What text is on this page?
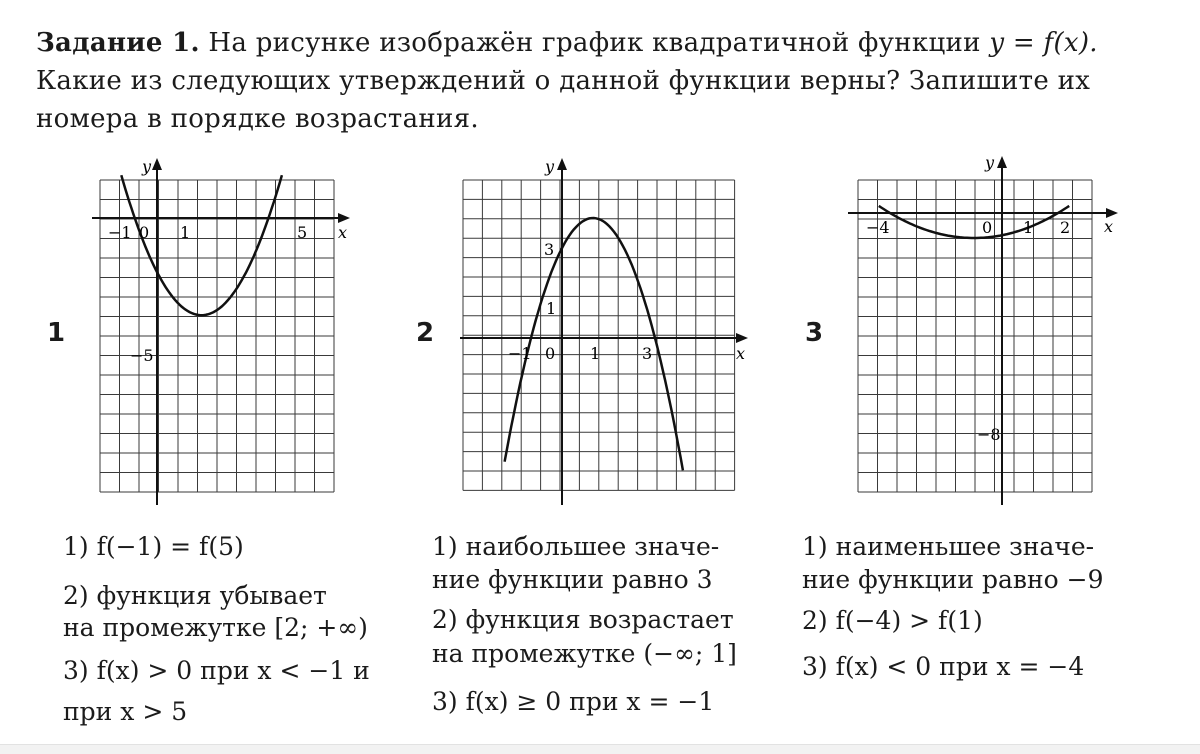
Задание 1. На рисунке изображён график квадратичной функции y = f(x).
Какие из следующих утверждений о данной функции верны? Запишите их номера в порядке возрастания.
1	2	3
y
x
−1 0 1	5
−5
y
x
3
1
−1 0 1	3
y
x
−4	0 1 2
−8
1) f(−1) = f(5)
2) функция убывает
на промежутке [2; +∞)
3) f(x) > 0 при x < −1 и
при x > 5
1) наибольшее значе-
ние функции равно 3
2) функция возрастает
на промежутке (−∞; 1]
3) f(x) ≥ 0 при x = −1
1) наименьшее значе-
ние функции равно −9
2) f(−4) > f(1)
3) f(x) < 0 при x = −4
